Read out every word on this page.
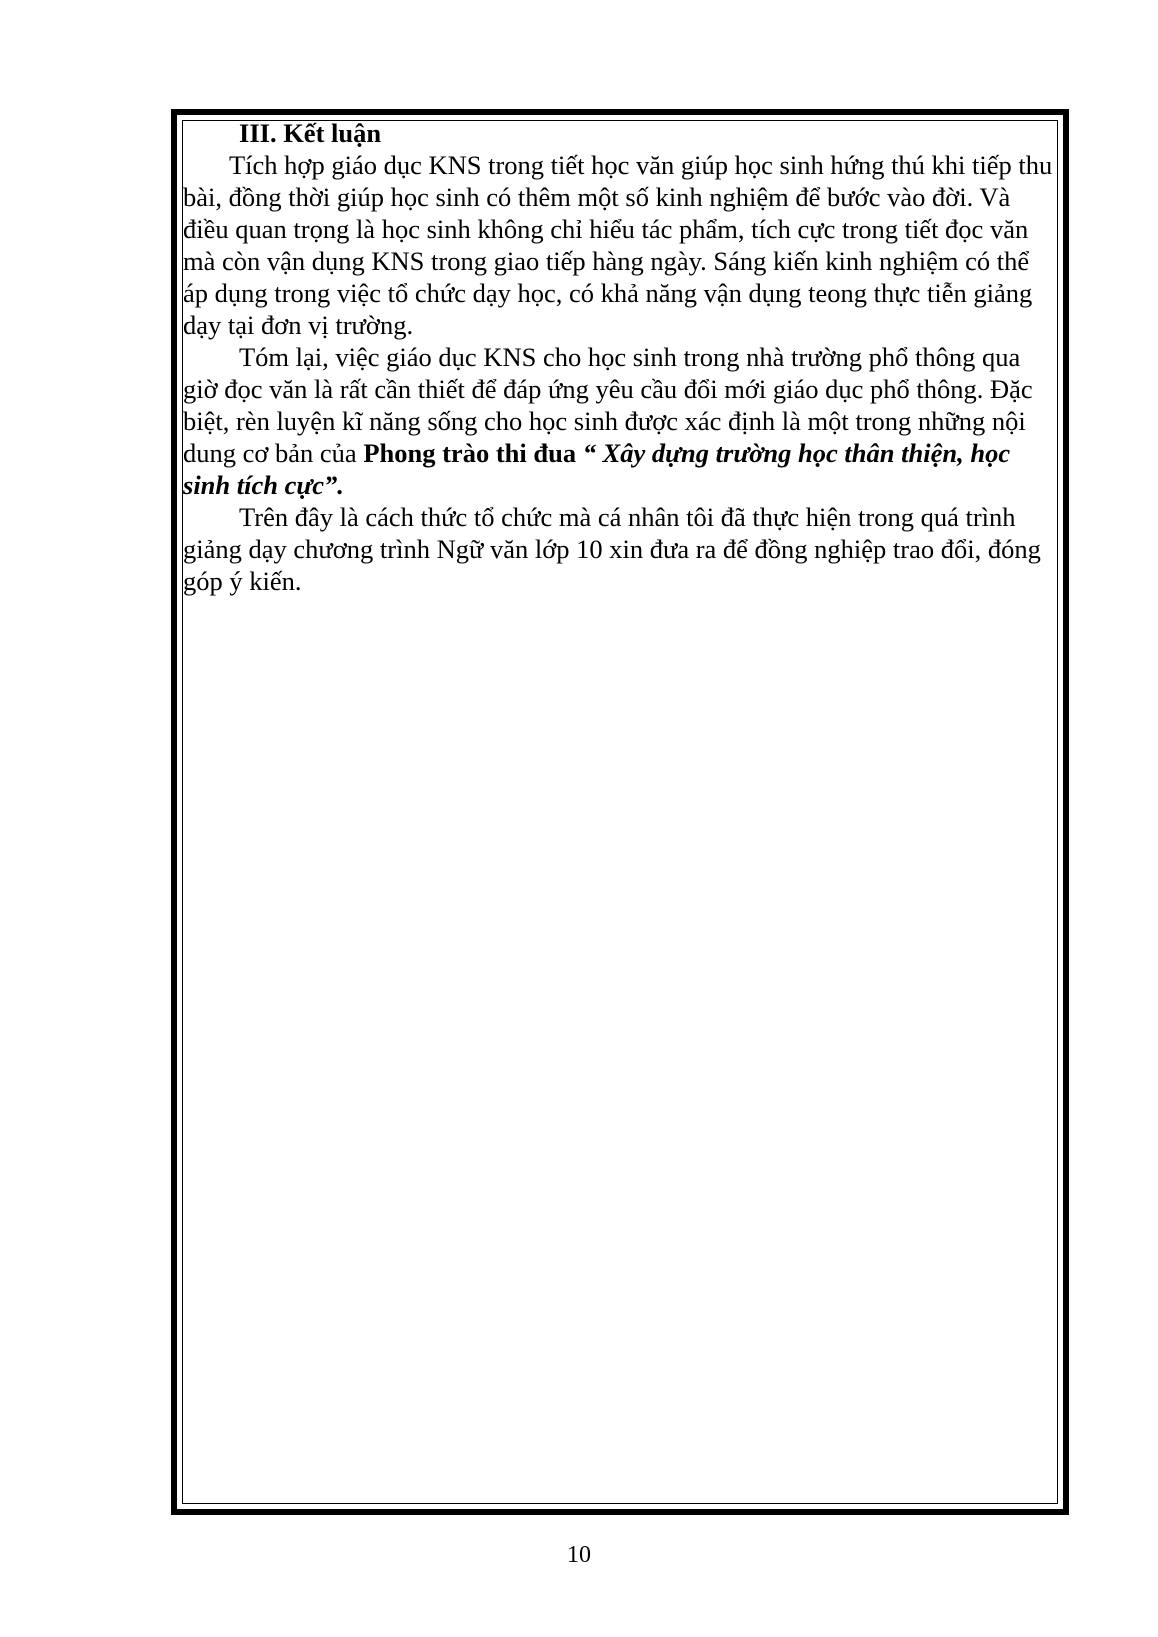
III. Kết luận

Tích hợp giáo dục KNS trong tiết học văn giúp học sinh hứng thú khi tiếp thu bài, đồng thời giúp học sinh có thêm một số kinh nghiệm để bước vào đời. Và điều quan trọng là học sinh không chỉ hiểu tác phẩm, tích cực trong tiết đọc văn mà còn vận dụng KNS trong giao tiếp hàng ngày. Sáng kiến kinh nghiệm có thể áp dụng trong việc tổ chức dạy học, có khả năng vận dụng teong thực tiễn giảng dạy tại đơn vị trường.

Tóm lại, việc giáo dục KNS cho học sinh trong nhà trường phổ thông qua giờ đọc văn là rất cần thiết để đáp ứng yêu cầu đổi mới giáo dục phổ thông. Đặc biệt, rèn luyện kĩ năng sống cho học sinh được xác định là một trong những nội dung cơ bản của Phong trào thi đua “ Xây dựng trường học thân thiện, học sinh tích cực”.

Trên đây là cách thức tổ chức mà cá nhân tôi đã thực hiện trong quá trình giảng dạy chương trình Ngữ văn lớp 10 xin đưa ra để đồng nghiệp trao đổi, đóng góp ý kiến.

10
